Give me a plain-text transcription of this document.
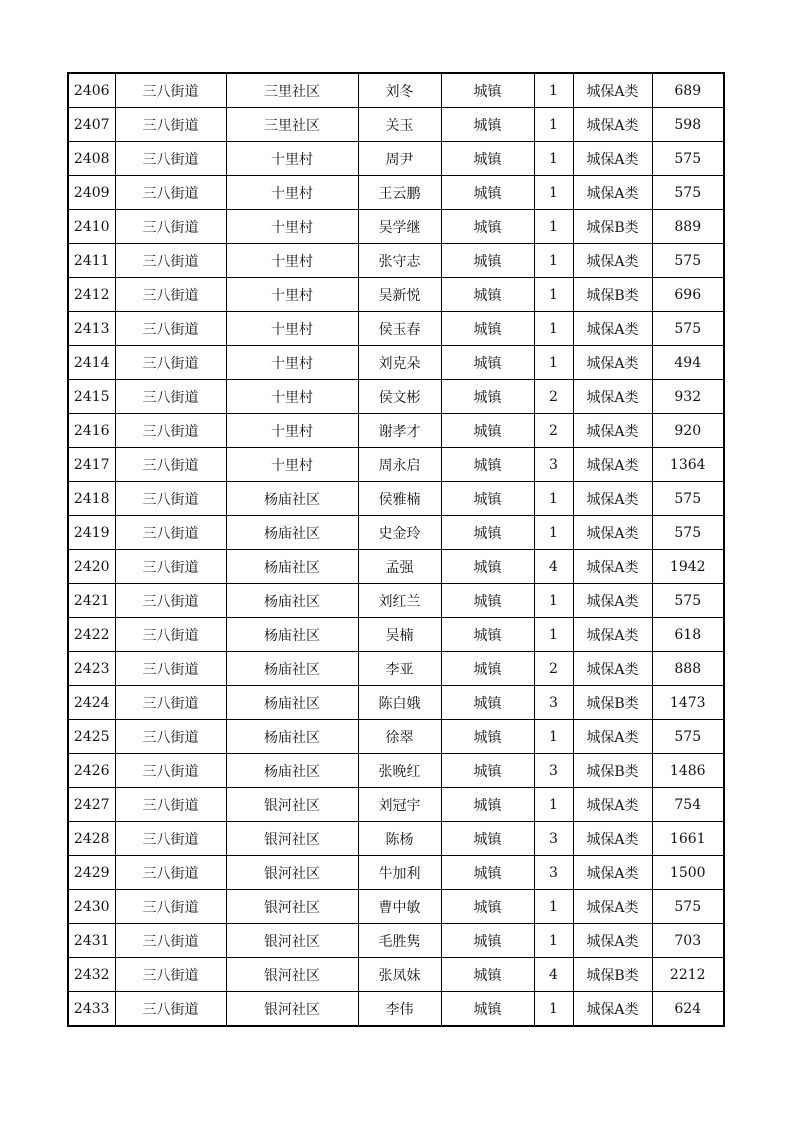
2406	三八街道	三里社区	刘冬	城镇	1	城保A类	689
2407	三八街道	三里社区	关玉	城镇	1	城保A类	598
2408	三八街道	十里村	周尹	城镇	1	城保A类	575
2409	三八街道	十里村	王云鹏	城镇	1	城保A类	575
2410	三八街道	十里村	吴学继	城镇	1	城保B类	889
2411	三八街道	十里村	张守志	城镇	1	城保A类	575
2412	三八街道	十里村	吴新悦	城镇	1	城保B类	696
2413	三八街道	十里村	侯玉春	城镇	1	城保A类	575
2414	三八街道	十里村	刘克朵	城镇	1	城保A类	494
2415	三八街道	十里村	侯文彬	城镇	2	城保A类	932
2416	三八街道	十里村	谢孝才	城镇	2	城保A类	920
2417	三八街道	十里村	周永启	城镇	3	城保A类	1364
2418	三八街道	杨庙社区	侯雅楠	城镇	1	城保A类	575
2419	三八街道	杨庙社区	史金玲	城镇	1	城保A类	575
2420	三八街道	杨庙社区	孟强	城镇	4	城保A类	1942
2421	三八街道	杨庙社区	刘红兰	城镇	1	城保A类	575
2422	三八街道	杨庙社区	吴楠	城镇	1	城保A类	618
2423	三八街道	杨庙社区	李亚	城镇	2	城保A类	888
2424	三八街道	杨庙社区	陈白娥	城镇	3	城保B类	1473
2425	三八街道	杨庙社区	徐翠	城镇	1	城保A类	575
2426	三八街道	杨庙社区	张晚红	城镇	3	城保B类	1486
2427	三八街道	银河社区	刘冠宇	城镇	1	城保A类	754
2428	三八街道	银河社区	陈杨	城镇	3	城保A类	1661
2429	三八街道	银河社区	牛加利	城镇	3	城保A类	1500
2430	三八街道	银河社区	曹中敏	城镇	1	城保A类	575
2431	三八街道	银河社区	毛胜隽	城镇	1	城保A类	703
2432	三八街道	银河社区	张凤妹	城镇	4	城保B类	2212
2433	三八街道	银河社区	李伟	城镇	1	城保A类	624
